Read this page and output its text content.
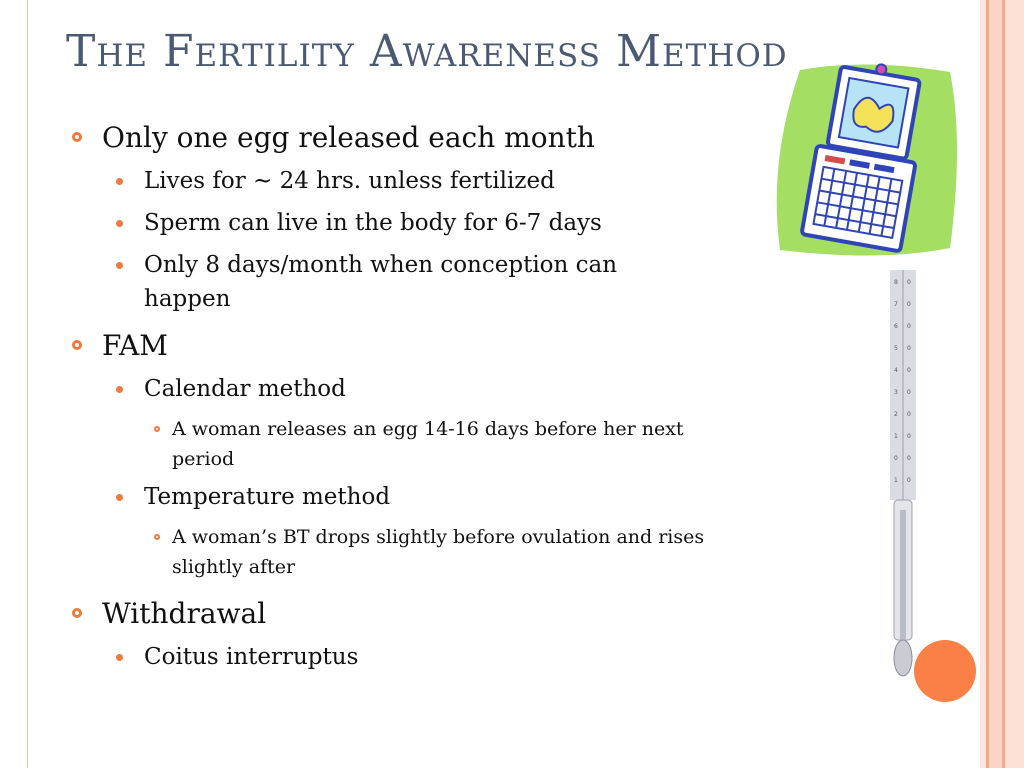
The Fertility Awareness Method
Only one egg released each month
Lives for ~ 24 hrs. unless fertilized
Sperm can live in the body for 6-7 days
Only 8 days/month when conception can happen
FAM
Calendar method
A woman releases an egg 14-16 days before her next period
Temperature method
A woman’s BT drops slightly before ovulation and rises slightly after
Withdrawal
Coitus interruptus
8
7
6
5
4
3
2
1
0
1
0
0
0
0
0
0
0
0
0
0
